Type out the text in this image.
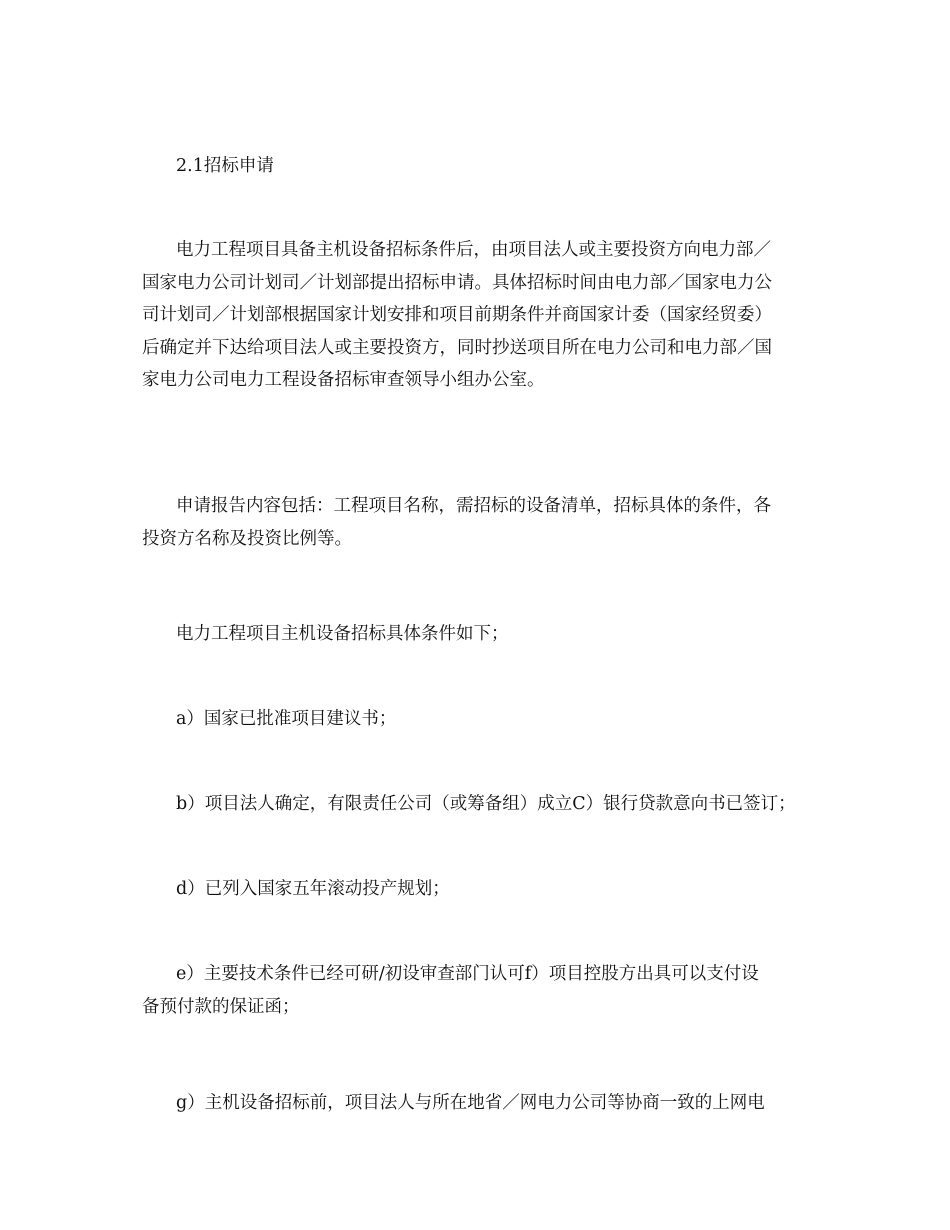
2.1招标申请

电力工程项目具备主机设备招标条件后，由项目法人或主要投资方向电力部／
国家电力公司计划司／计划部提出招标申请。具体招标时间由电力部／国家电力公
司计划司／计划部根据国家计划安排和项目前期条件并商国家计委（国家经贸委）
后确定并下达给项目法人或主要投资方，同时抄送项目所在电力公司和电力部／国
家电力公司电力工程设备招标审查领导小组办公室。

申请报告内容包括：工程项目名称，需招标的设备清单，招标具体的条件，各
投资方名称及投资比例等。

电力工程项目主机设备招标具体条件如下；

a）国家已批准项目建议书；

b）项目法人确定，有限责任公司（或筹备组）成立C）银行贷款意向书已签订；

d）已列入国家五年滚动投产规划；

e）主要技术条件已经可研/初设审查部门认可f）项目控股方出具可以支付设
备预付款的保证函；

g）主机设备招标前，项目法人与所在地省／网电力公司等协商一致的上网电
